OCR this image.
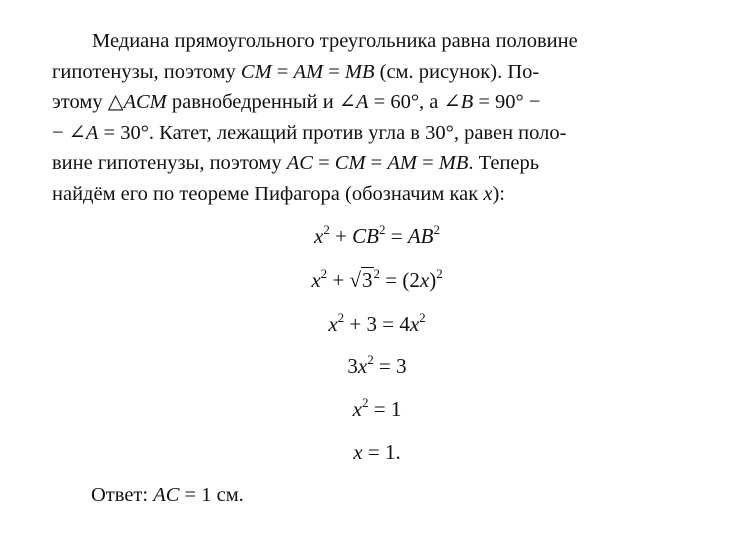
Медиана прямоугольного треугольника равна половине
гипотенузы, поэтому CM = AM = MB (см. рисунок). По-
этому △ACM равнобедренный и ∠A = 60°, а ∠B = 90° −
− ∠A = 30°. Катет, лежащий против угла в 30°, равен поло-
вине гипотенузы, поэтому AC = CM = AM = MB. Теперь
найдём его по теореме Пифагора (обозначим как x):
$x^2 + CB^2 = AB^2$
$x^2 + √3^2 = (2x)^2$
$x^2 + 3 = 4x^2$
$3x^2 = 3$
$x^2 = 1$
x = 1.
Ответ: AC = 1 см.
